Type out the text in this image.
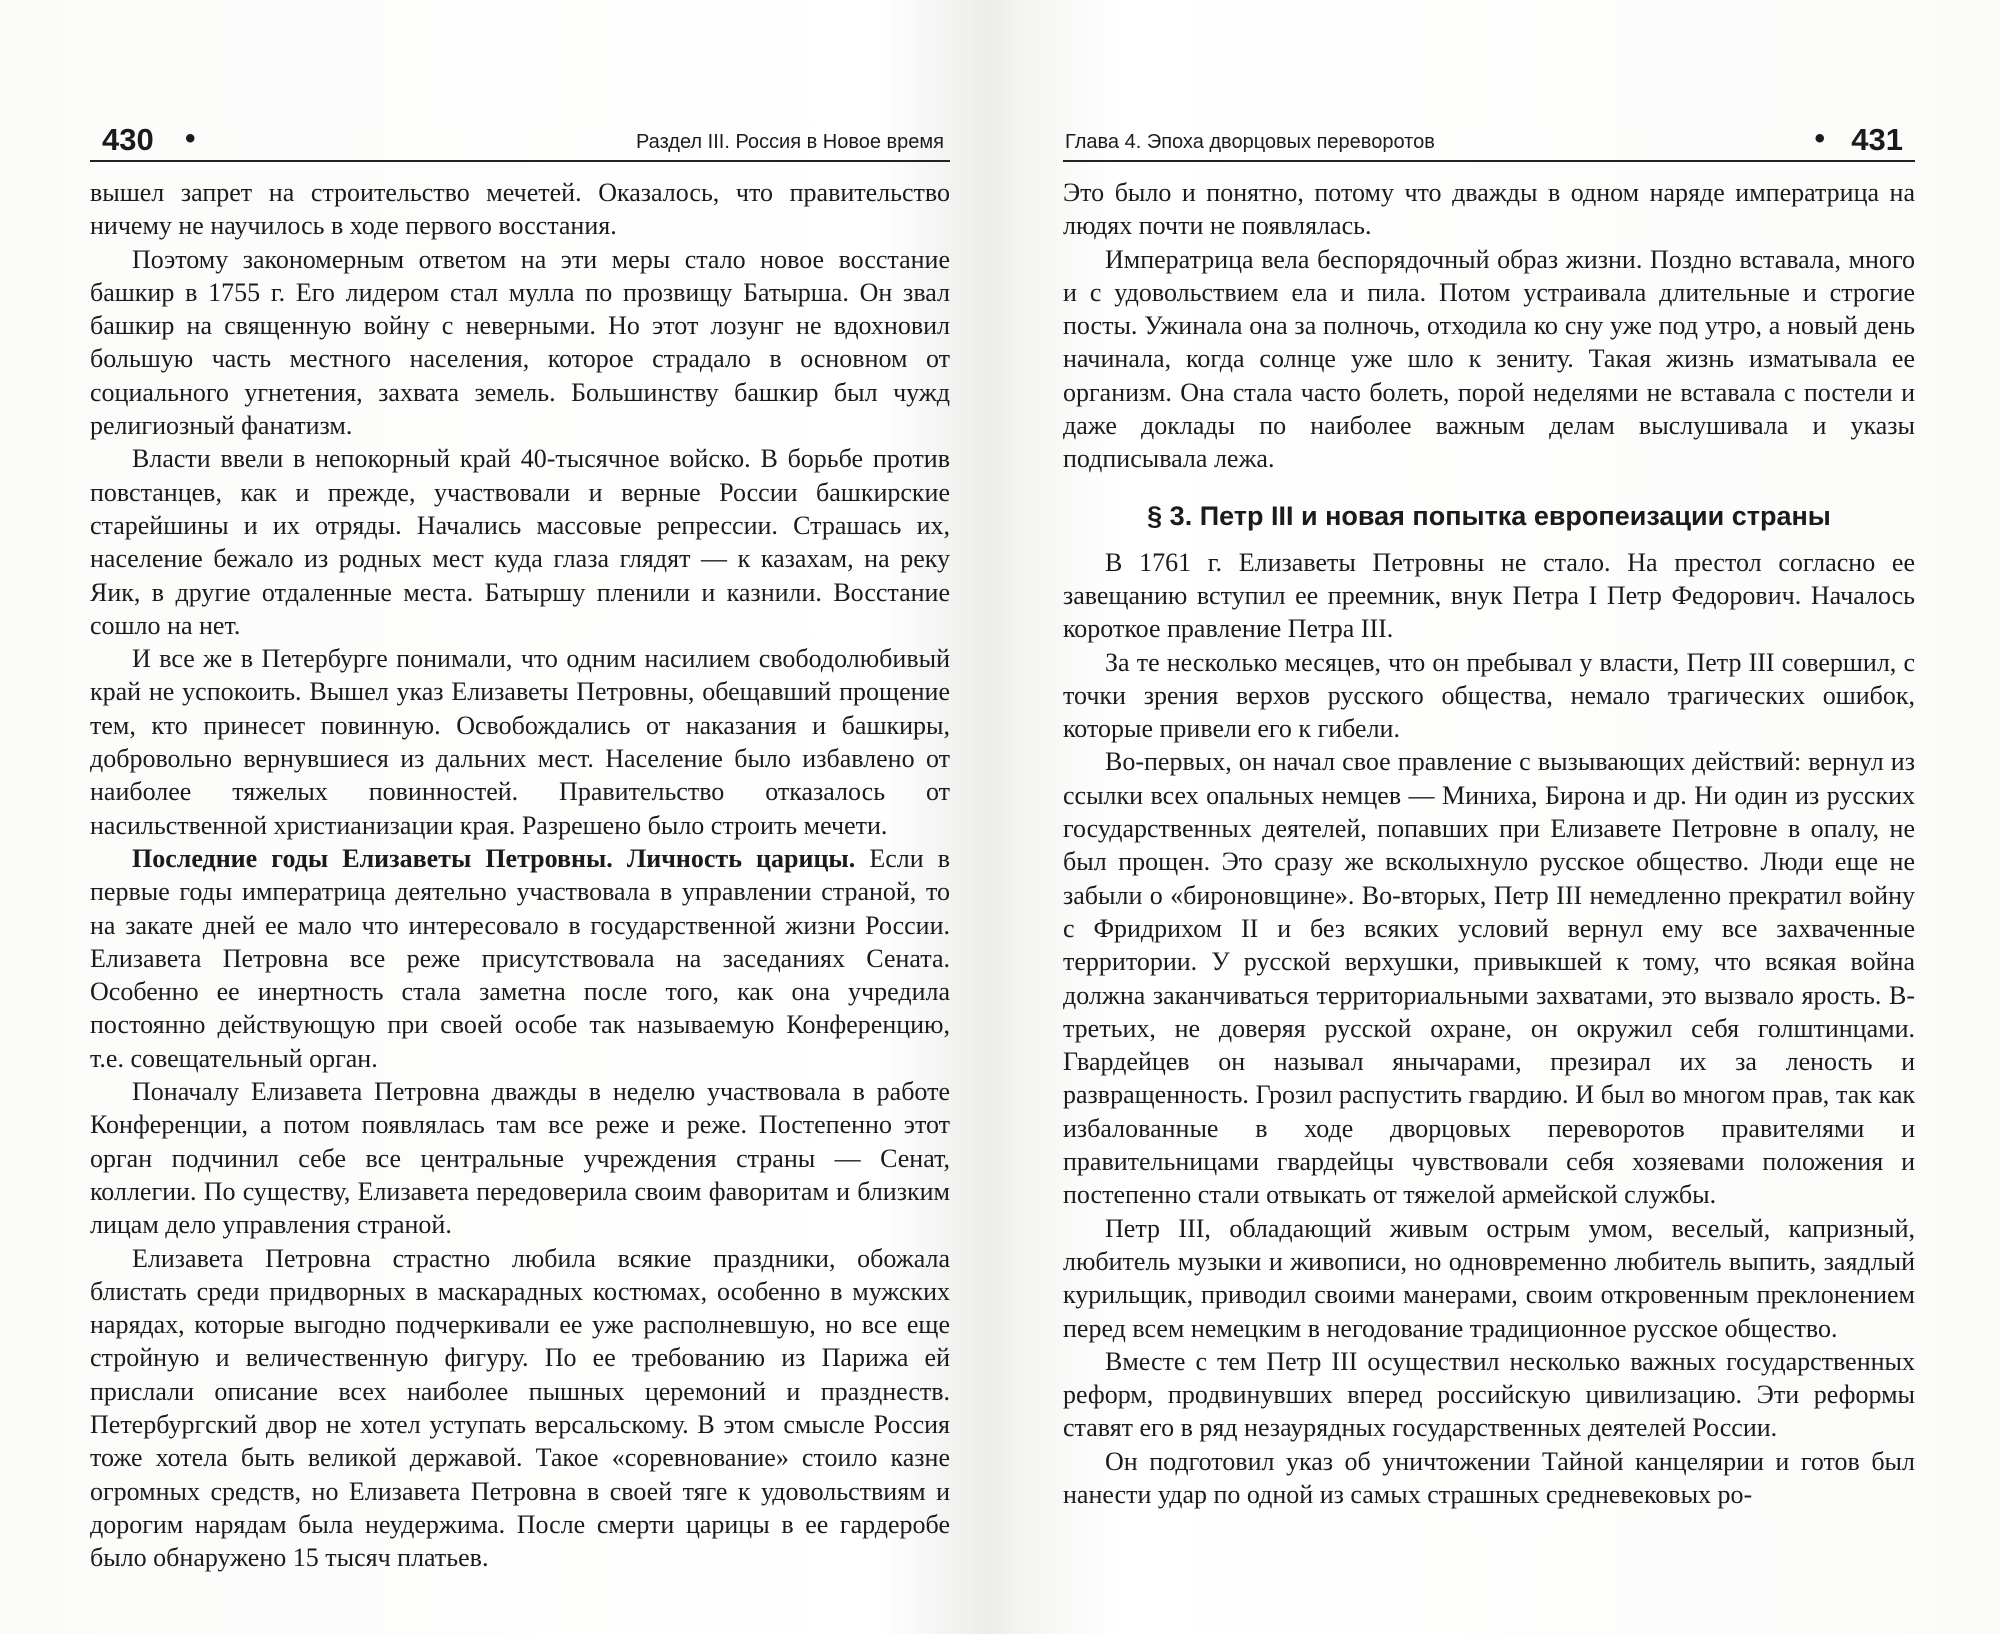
430 •	Раздел III. Россия в Новое время

вышел запрет на строительство мечетей. Оказалось, что правительство ничему не научилось в ходе первого восстания.

Поэтому закономерным ответом на эти меры стало новое восстание башкир в 1755 г. Его лидером стал мулла по прозвищу Батырша. Он звал башкир на священную войну с неверными. Но этот лозунг не вдохновил большую часть местного населения, которое страдало в основном от социального угнетения, захвата земель. Большинству башкир был чужд религиозный фанатизм.

Власти ввели в непокорный край 40-тысячное войско. В борьбе против повстанцев, как и прежде, участвовали и верные России башкирские старейшины и их отряды. Начались массовые репрессии. Страшась их, население бежало из родных мест куда глаза глядят — к казахам, на реку Яик, в другие отдаленные места. Батыршу пленили и казнили. Восстание сошло на нет.

И все же в Петербурге понимали, что одним насилием свободолюбивый край не успокоить. Вышел указ Елизаветы Петровны, обещавший прощение тем, кто принесет повинную. Освобождались от наказания и башкиры, добровольно вернувшиеся из дальних мест. Население было избавлено от наиболее тяжелых повинностей. Правительство отказалось от насильственной христианизации края. Разрешено было строить мечети.

Последние годы Елизаветы Петровны. Личность царицы. Если в первые годы императрица деятельно участвовала в управлении страной, то на закате дней ее мало что интересовало в государственной жизни России. Елизавета Петровна все реже присутствовала на заседаниях Сената. Особенно ее инертность стала заметна после того, как она учредила постоянно действующую при своей особе так называемую Конференцию, т.е. совещательный орган.

Поначалу Елизавета Петровна дважды в неделю участвовала в работе Конференции, а потом появлялась там все реже и реже. Постепенно этот орган подчинил себе все центральные учреждения страны — Сенат, коллегии. По существу, Елизавета передоверила своим фаворитам и близким лицам дело управления страной.

Елизавета Петровна страстно любила всякие праздники, обожала блистать среди придворных в маскарадных костюмах, особенно в мужских нарядах, которые выгодно подчеркивали ее уже располневшую, но все еще стройную и величественную фигуру. По ее требованию из Парижа ей прислали описание всех наиболее пышных церемоний и празднеств. Петербургский двор не хотел уступать версальскому. В этом смысле Россия тоже хотела быть великой державой. Такое «соревнование» стоило казне огромных средств, но Елизавета Петровна в своей тяге к удовольствиям и дорогим нарядам была неудержима. После смерти царицы в ее гардеробе было обнаружено 15 тысяч платьев.

Глава 4. Эпоха дворцовых переворотов	• 431

Это было и понятно, потому что дважды в одном наряде императрица на людях почти не появлялась.

Императрица вела беспорядочный образ жизни. Поздно вставала, много и с удовольствием ела и пила. Потом устраивала длительные и строгие посты. Ужинала она за полночь, отходила ко сну уже под утро, а новый день начинала, когда солнце уже шло к зениту. Такая жизнь изматывала ее организм. Она стала часто болеть, порой неделями не вставала с постели и даже доклады по наиболее важным делам выслушивала и указы подписывала лежа.

§ 3. Петр III и новая попытка европеизации страны

В 1761 г. Елизаветы Петровны не стало. На престол согласно ее завещанию вступил ее преемник, внук Петра I Петр Федорович. Началось короткое правление Петра III.

За те несколько месяцев, что он пребывал у власти, Петр III совершил, с точки зрения верхов русского общества, немало трагических ошибок, которые привели его к гибели.

Во-первых, он начал свое правление с вызывающих действий: вернул из ссылки всех опальных немцев — Миниха, Бирона и др. Ни один из русских государственных деятелей, попавших при Елизавете Петровне в опалу, не был прощен. Это сразу же всколыхнуло русское общество. Люди еще не забыли о «бироновщине». Во-вторых, Петр III немедленно прекратил войну с Фридрихом II и без всяких условий вернул ему все захваченные территории. У русской верхушки, привыкшей к тому, что всякая война должна заканчиваться территориальными захватами, это вызвало ярость. В-третьих, не доверяя русской охране, он окружил себя голштинцами. Гвардейцев он называл янычарами, презирал их за леность и развращенность. Грозил распустить гвардию. И был во многом прав, так как избалованные в ходе дворцовых переворотов правителями и правительницами гвардейцы чувствовали себя хозяевами положения и постепенно стали отвыкать от тяжелой армейской службы.

Петр III, обладающий живым острым умом, веселый, капризный, любитель музыки и живописи, но одновременно любитель выпить, заядлый курильщик, приводил своими манерами, своим откровенным преклонением перед всем немецким в негодование традиционное русское общество.

Вместе с тем Петр III осуществил несколько важных государственных реформ, продвинувших вперед российскую цивилизацию. Эти реформы ставят его в ряд незаурядных государственных деятелей России.

Он подготовил указ об уничтожении Тайной канцелярии и готов был нанести удар по одной из самых страшных средневековых ро-
